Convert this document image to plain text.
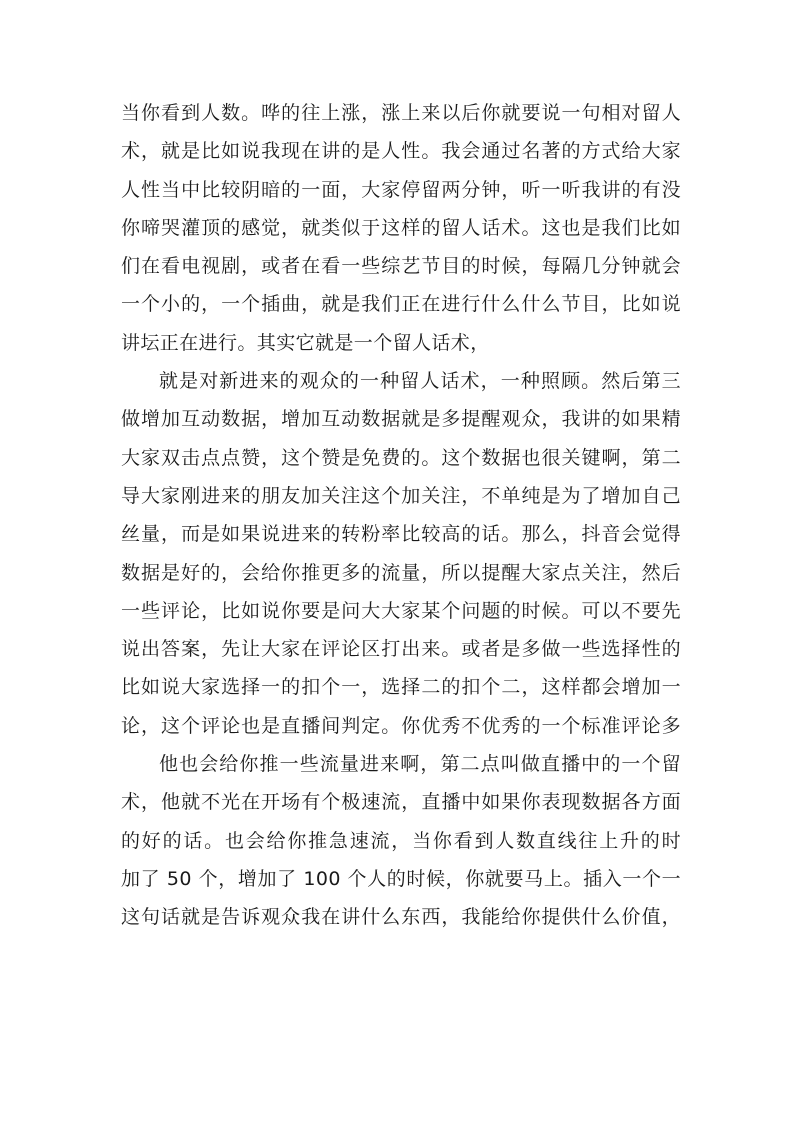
当你看到人数。哗的往上涨，涨上来以后你就要说一句相对留人
术，就是比如说我现在讲的是人性。我会通过名著的方式给大家
人性当中比较阴暗的一面，大家停留两分钟，听一听我讲的有没
你啼哭灌顶的感觉，就类似于这样的留人话术。这也是我们比如
们在看电视剧，或者在看一些综艺节目的时候，每隔几分钟就会
一个小的，一个插曲，就是我们正在进行什么什么节目，比如说
讲坛正在进行。其实它就是一个留人话术，
就是对新进来的观众的一种留人话术，一种照顾。然后第三
做增加互动数据，增加互动数据就是多提醒观众，我讲的如果精
大家双击点点赞，这个赞是免费的。这个数据也很关键啊，第二
导大家刚进来的朋友加关注这个加关注，不单纯是为了增加自己
丝量，而是如果说进来的转粉率比较高的话。那么，抖音会觉得
数据是好的，会给你推更多的流量，所以提醒大家点关注，然后
一些评论，比如说你要是问大大家某个问题的时候。可以不要先
说出答案，先让大家在评论区打出来。或者是多做一些选择性的
比如说大家选择一的扣个一，选择二的扣个二，这样都会增加一
论，这个评论也是直播间判定。你优秀不优秀的一个标准评论多
他也会给你推一些流量进来啊，第二点叫做直播中的一个留
术，他就不光在开场有个极速流，直播中如果你表现数据各方面
的好的话。也会给你推急速流，当你看到人数直线往上升的时
加了 50 个，增加了 100 个人的时候，你就要马上。插入一个一
这句话就是告诉观众我在讲什么东西，我能给你提供什么价值，
